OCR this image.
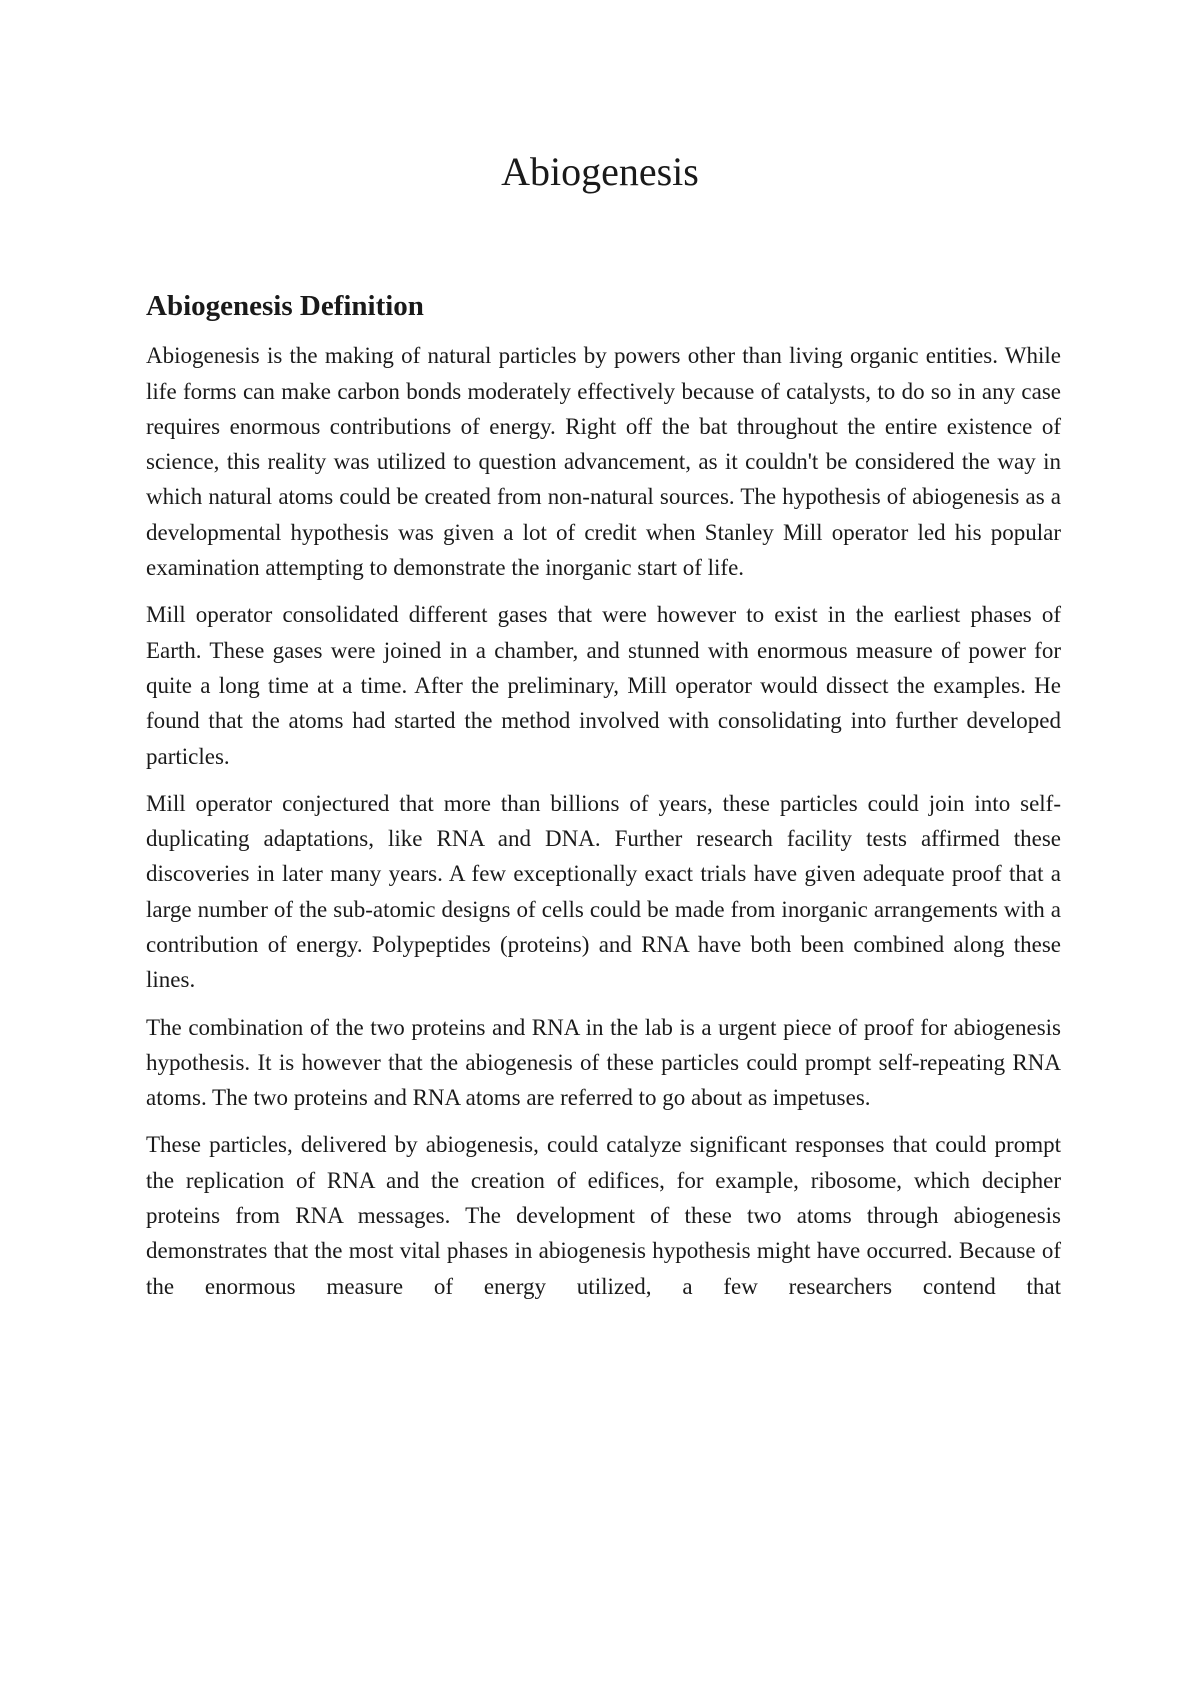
Abiogenesis
Abiogenesis Definition

Abiogenesis is the making of natural particles by powers other than living organic entities. While life forms can make carbon bonds moderately effectively because of catalysts, to do so in any case requires enormous contributions of energy. Right off the bat throughout the entire existence of science, this reality was utilized to question advancement, as it couldn't be considered the way in which natural atoms could be created from non-natural sources. The hypothesis of abiogenesis as a developmental hypothesis was given a lot of credit when Stanley Mill operator led his popular examination attempting to demonstrate the inorganic start of life.

Mill operator consolidated different gases that were however to exist in the earliest phases of Earth. These gases were joined in a chamber, and stunned with enormous measure of power for quite a long time at a time. After the preliminary, Mill operator would dissect the examples. He found that the atoms had started the method involved with consolidating into further developed particles.

Mill operator conjectured that more than billions of years, these particles could join into self-duplicating adaptations, like RNA and DNA. Further research facility tests affirmed these discoveries in later many years. A few exceptionally exact trials have given adequate proof that a large number of the sub-atomic designs of cells could be made from inorganic arrangements with a contribution of energy. Polypeptides (proteins) and RNA have both been combined along these lines.

The combination of the two proteins and RNA in the lab is a urgent piece of proof for abiogenesis hypothesis. It is however that the abiogenesis of these particles could prompt self-repeating RNA atoms. The two proteins and RNA atoms are referred to go about as impetuses.

These particles, delivered by abiogenesis, could catalyze significant responses that could prompt the replication of RNA and the creation of edifices, for example, ribosome, which decipher proteins from RNA messages. The development of these two atoms through abiogenesis demonstrates that the most vital phases in abiogenesis hypothesis might have occurred. Because of the enormous measure of energy utilized, a few researchers contend that
